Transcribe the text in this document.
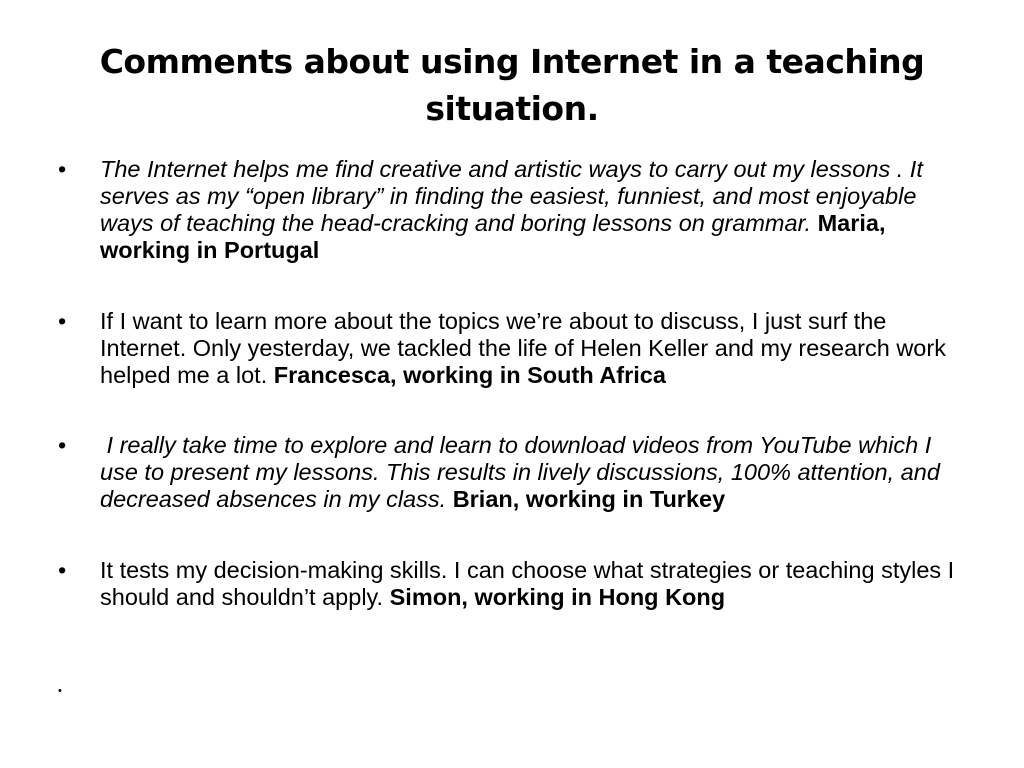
Comments about using Internet in a teaching situation.
•	The Internet helps me find creative and artistic ways to carry out my lessons . It serves as my “open library” in finding the easiest, funniest, and most enjoyable ways of teaching the head-cracking and boring lessons on grammar. Maria, working in Portugal
•	If I want to learn more about the topics we’re about to discuss, I just surf the Internet. Only yesterday, we tackled the life of Helen Keller and my research work helped me a lot. Francesca, working in South Africa
•	I really take time to explore and learn to download videos from YouTube which I use to present my lessons. This results in lively discussions, 100% attention, and decreased absences in my class. Brian, working in Turkey
•	It tests my decision-making skills. I can choose what strategies or teaching styles I should and shouldn’t apply. Simon, working in Hong Kong
•
